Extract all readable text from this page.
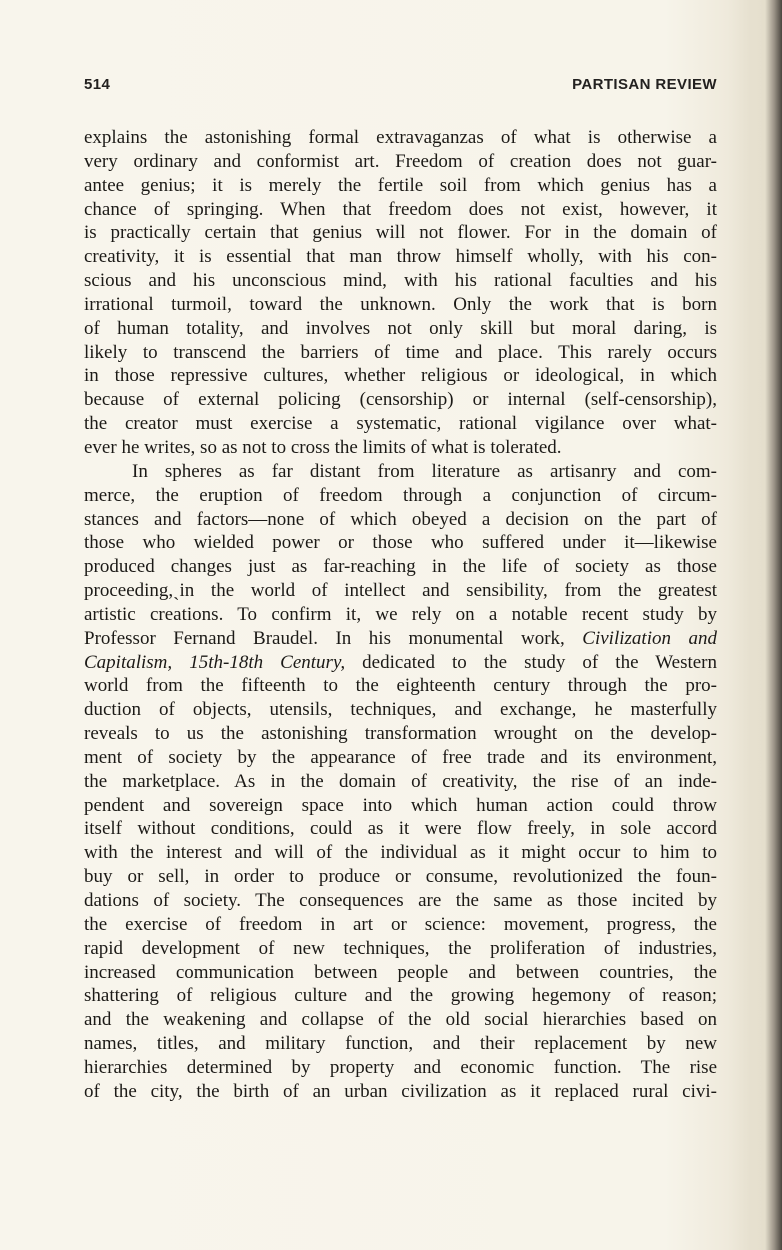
514	PARTISAN REVIEW
explains the astonishing formal extravaganzas of what is otherwise a
very ordinary and conformist art. Freedom of creation does not guar-
antee genius; it is merely the fertile soil from which genius has a
chance of springing. When that freedom does not exist, however, it
is practically certain that genius will not flower. For in the domain of
creativity, it is essential that man throw himself wholly, with his con-
scious and his unconscious mind, with his rational faculties and his
irrational turmoil, toward the unknown. Only the work that is born
of human totality, and involves not only skill but moral daring, is
likely to transcend the barriers of time and place. This rarely occurs
in those repressive cultures, whether religious or ideological, in which
because of external policing (censorship) or internal (self-censorship),
the creator must exercise a systematic, rational vigilance over what-
ever he writes, so as not to cross the limits of what is tolerated.
In spheres as far distant from literature as artisanry and com-
merce, the eruption of freedom through a conjunction of circum-
stances and factors—none of which obeyed a decision on the part of
those who wielded power or those who suffered under it—likewise
produced changes just as far-reaching in the life of society as those
proceeding,ˏin the world of intellect and sensibility, from the greatest
artistic creations. To confirm it, we rely on a notable recent study by
Professor Fernand Braudel. In his monumental work, Civilization and
Capitalism, 15th-18th Century, dedicated to the study of the Western
world from the fifteenth to the eighteenth century through the pro-
duction of objects, utensils, techniques, and exchange, he masterfully
reveals to us the astonishing transformation wrought on the develop-
ment of society by the appearance of free trade and its environment,
the marketplace. As in the domain of creativity, the rise of an inde-
pendent and sovereign space into which human action could throw
itself without conditions, could as it were flow freely, in sole accord
with the interest and will of the individual as it might occur to him to
buy or sell, in order to produce or consume, revolutionized the foun-
dations of society. The consequences are the same as those incited by
the exercise of freedom in art or science: movement, progress, the
rapid development of new techniques, the proliferation of industries,
increased communication between people and between countries, the
shattering of religious culture and the growing hegemony of reason;
and the weakening and collapse of the old social hierarchies based on
names, titles, and military function, and their replacement by new
hierarchies determined by property and economic function. The rise
of the city, the birth of an urban civilization as it replaced rural civi-
